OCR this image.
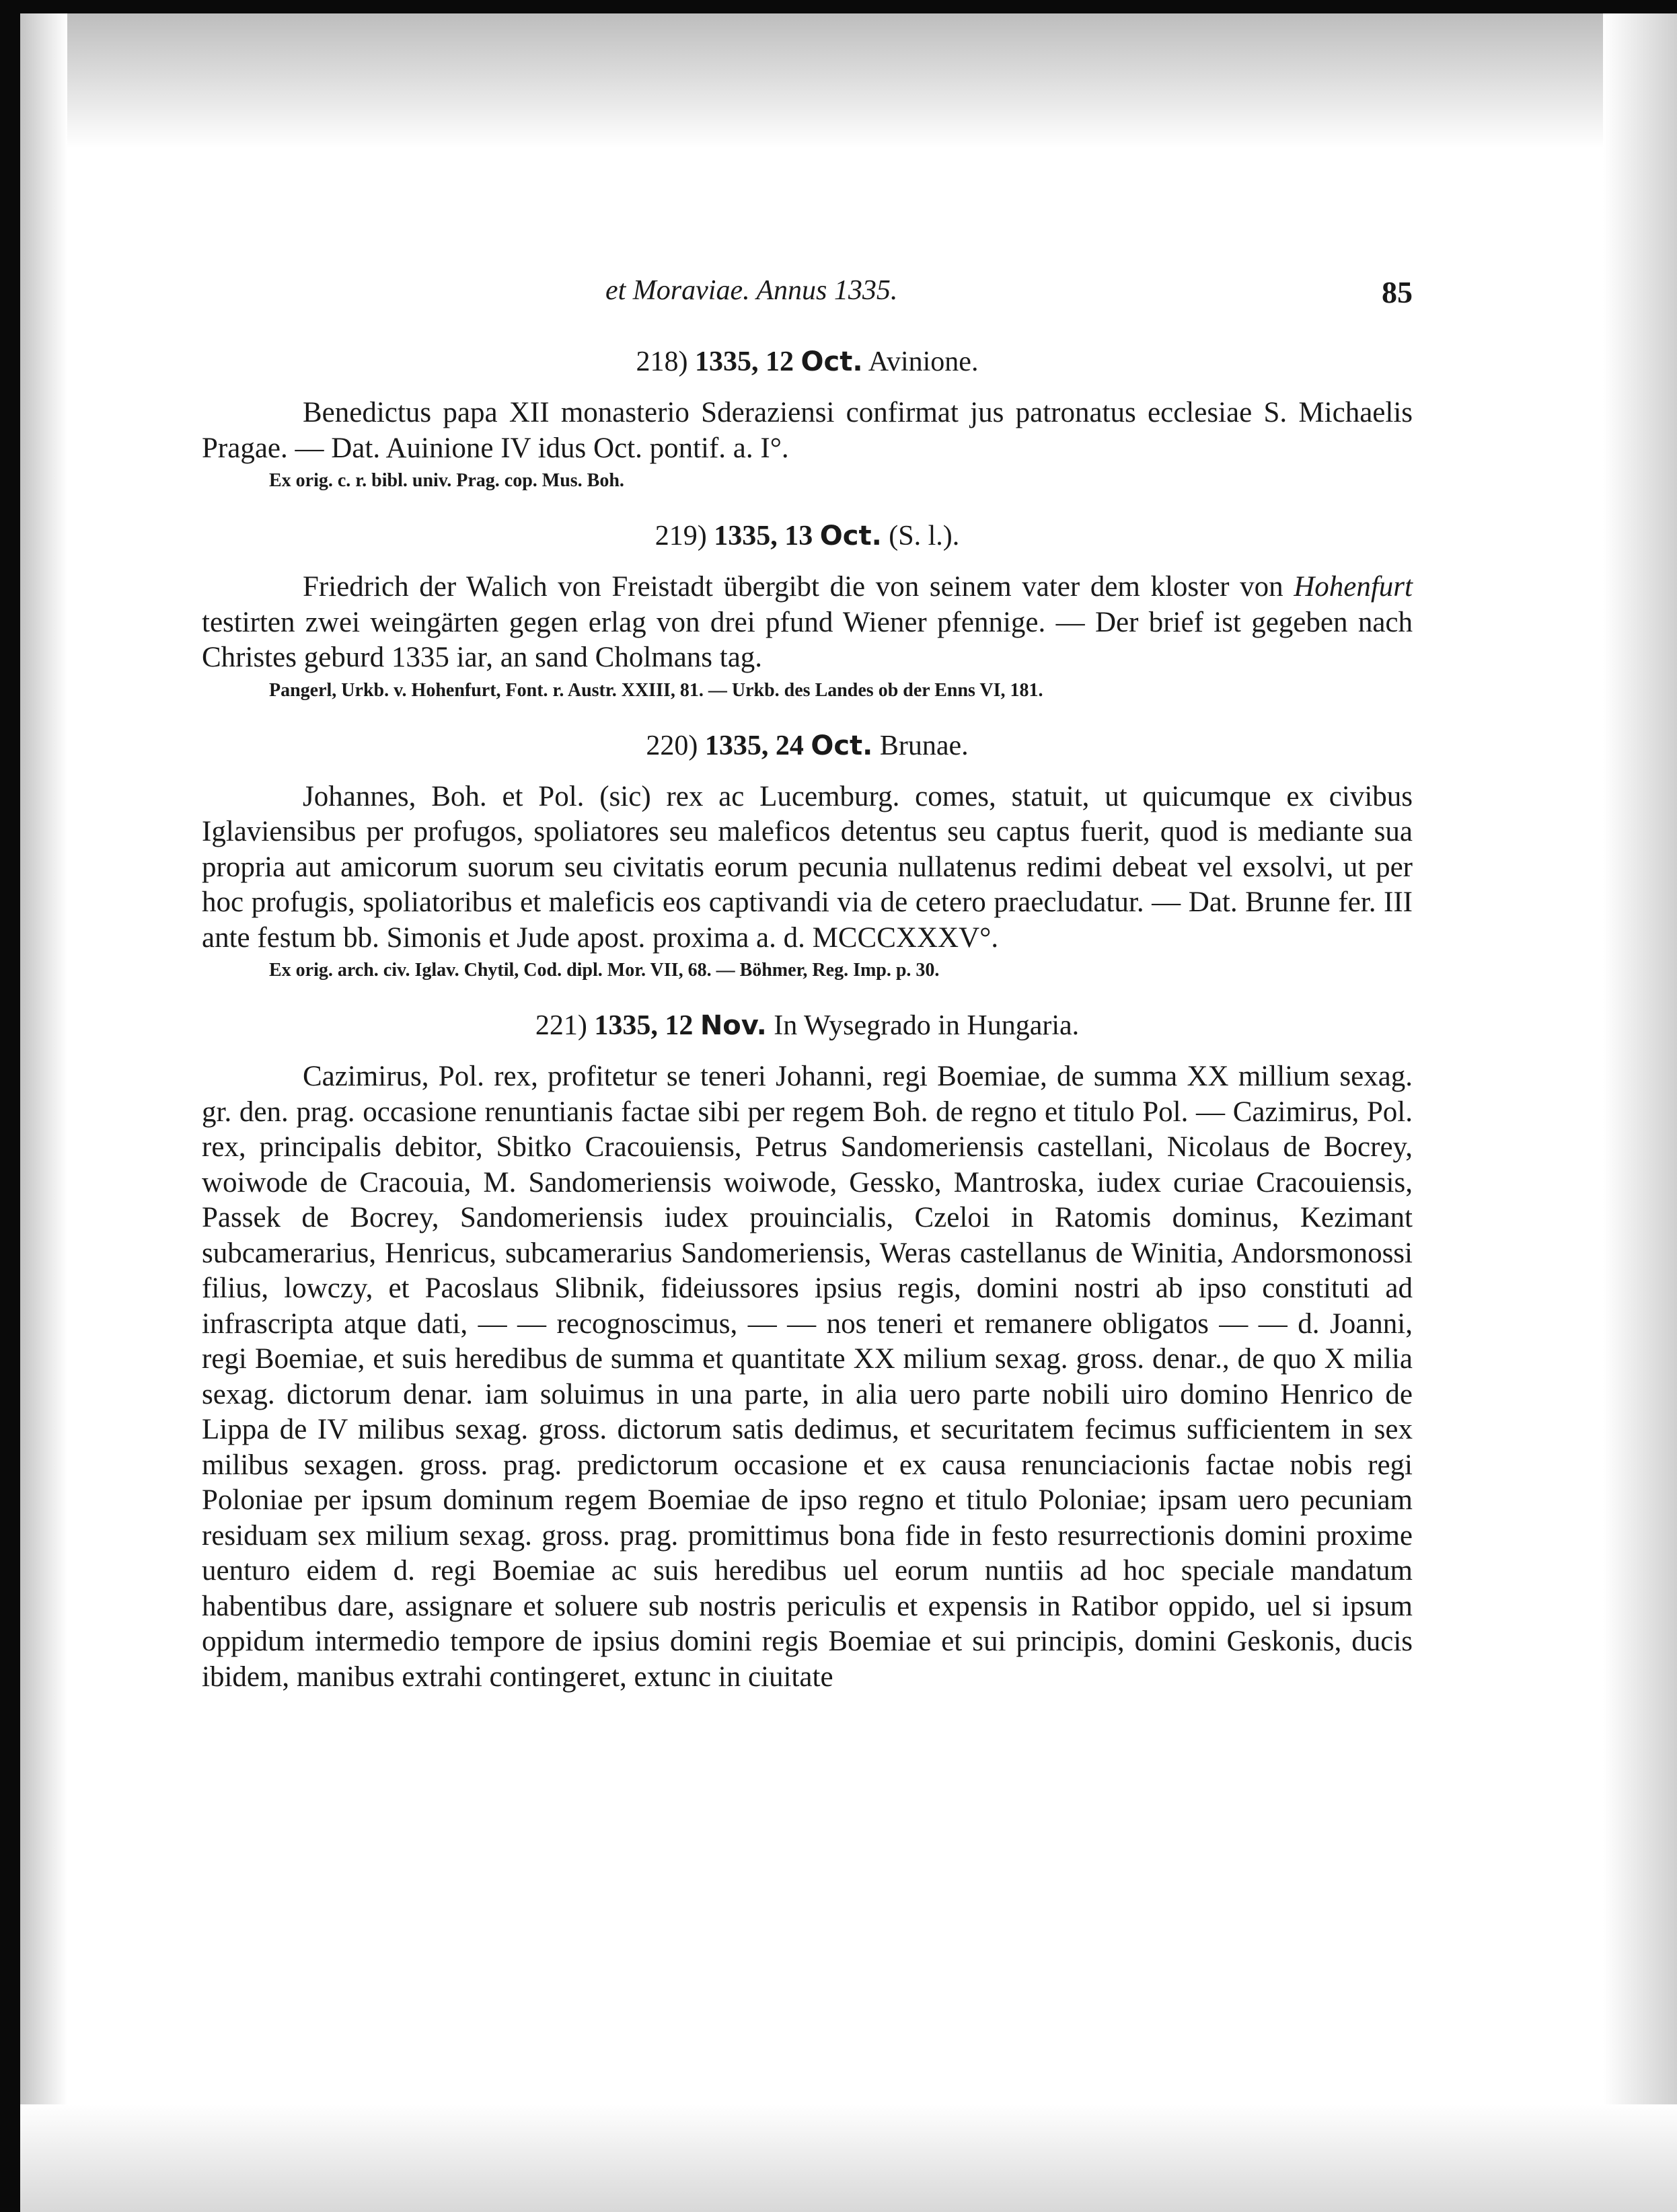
et Moraviae. Annus 1335.	85
218) 1335, 12 Oct. Avinione.
Benedictus papa XII monasterio Sderaziensi confirmat jus patronatus ecclesiae S. Michaelis Pragae. — Dat. Auinione IV idus Oct. pontif. a. I°.
Ex orig. c. r. bibl. univ. Prag. cop. Mus. Boh.
219) 1335, 13 Oct. (S. l.).
Friedrich der Walich von Freistadt übergibt die von seinem vater dem kloster von Hohenfurt testirten zwei weingärten gegen erlag von drei pfund Wiener pfennige. — Der brief ist gegeben nach Christes geburd 1335 iar, an sand Cholmans tag.
Pangerl, Urkb. v. Hohenfurt, Font. r. Austr. XXIII, 81. — Urkb. des Landes ob der Enns VI, 181.
220) 1335, 24 Oct. Brunae.
Johannes, Boh. et Pol. (sic) rex ac Lucemburg. comes, statuit, ut quicumque ex civibus Iglaviensibus per profugos, spoliatores seu maleficos detentus seu captus fuerit, quod is mediante sua propria aut amicorum suorum seu civitatis eorum pecunia nullatenus redimi debeat vel exsolvi, ut per hoc profugis, spoliatoribus et maleficis eos captivandi via de cetero praecludatur. — Dat. Brunne fer. III ante festum bb. Simonis et Jude apost. proxima a. d. MCCCXXXV°.
Ex orig. arch. civ. Iglav. Chytil, Cod. dipl. Mor. VII, 68. — Böhmer, Reg. Imp. p. 30.
221) 1335, 12 Nov. In Wysegrado in Hungaria.
Cazimirus, Pol. rex, profitetur se teneri Johanni, regi Boemiae, de summa XX millium sexag. gr. den. prag. occasione renuntianis factae sibi per regem Boh. de regno et titulo Pol. — Cazimirus, Pol. rex, principalis debitor, Sbitko Cracouiensis, Petrus Sandomeriensis castellani, Nicolaus de Bocrey, woiwode de Cracouia, M. Sandomeriensis woiwode, Gessko, Mantroska, iudex curiae Cracouiensis, Passek de Bocrey, Sandomeriensis iudex prouincialis, Czeloi in Ratomis dominus, Kezimant subcamerarius, Henricus, subcamerarius Sandomeriensis, Weras castellanus de Winitia, Andorsmonossi filius, lowczy, et Pacoslaus Slibnik, fideiussores ipsius regis, domini nostri ab ipso constituti ad infrascripta atque dati, — — recognoscimus, — — nos teneri et remanere obligatos — — d. Joanni, regi Boemiae, et suis heredibus de summa et quantitate XX milium sexag. gross. denar., de quo X milia sexag. dictorum denar. iam soluimus in una parte, in alia uero parte nobili uiro domino Henrico de Lippa de IV milibus sexag. gross. dictorum satis dedimus, et securitatem fecimus sufficientem in sex milibus sexagen. gross. prag. predictorum occasione et ex causa renunciacionis factae nobis regi Poloniae per ipsum dominum regem Boemiae de ipso regno et titulo Poloniae; ipsam uero pecuniam residuam sex milium sexag. gross. prag. promittimus bona fide in festo resurrectionis domini proxime uenturo eidem d. regi Boemiae ac suis heredibus uel eorum nuntiis ad hoc speciale mandatum habentibus dare, assignare et soluere sub nostris periculis et expensis in Ratibor oppido, uel si ipsum oppidum intermedio tempore de ipsius domini regis Boemiae et sui principis, domini Geskonis, ducis ibidem, manibus extrahi contingeret, extunc in ciuitate
